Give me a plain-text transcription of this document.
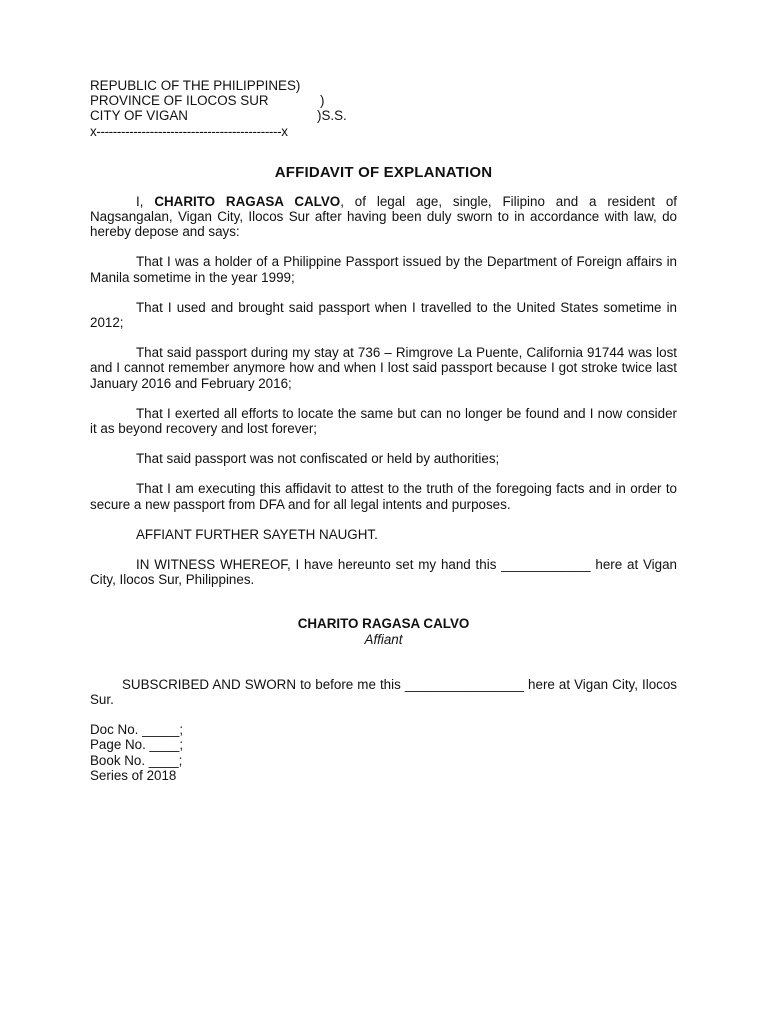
REPUBLIC OF THE PHILIPPINES )
PROVINCE OF ILOCOS SUR	)
CITY OF VIGAN	)S.S.
x---------------------------------------------x
AFFIDAVIT OF EXPLANATION

I, CHARITO RAGASA CALVO, of legal age, single, Filipino and a resident of Nagsangalan, Vigan City, Ilocos Sur after having been duly sworn to in accordance with law, do hereby depose and says:

That I was a holder of a Philippine Passport issued by the Department of Foreign affairs in Manila sometime in the year 1999;

That I used and brought said passport when I travelled to the United States sometime in 2012;

That said passport during my stay at 736 – Rimgrove La Puente, California 91744 was lost and I cannot remember anymore how and when I lost said passport because I got stroke twice last January 2016 and February 2016;

That I exerted all efforts to locate the same but can no longer be found and I now consider it as beyond recovery and lost forever;

That said passport was not confiscated or held by authorities;

That I am executing this affidavit to attest to the truth of the foregoing facts and in order to secure a new passport from DFA and for all legal intents and purposes.

AFFIANT FURTHER SAYETH NAUGHT.

IN WITNESS WHEREOF, I have hereunto set my hand this ____________ here at Vigan City, Ilocos Sur, Philippines.

CHARITO RAGASA CALVO
Affiant

SUBSCRIBED AND SWORN to before me this ________________ here at Vigan City, Ilocos Sur.

Doc No. _____;
Page No. ____;
Book No. ____;
Series of 2018
